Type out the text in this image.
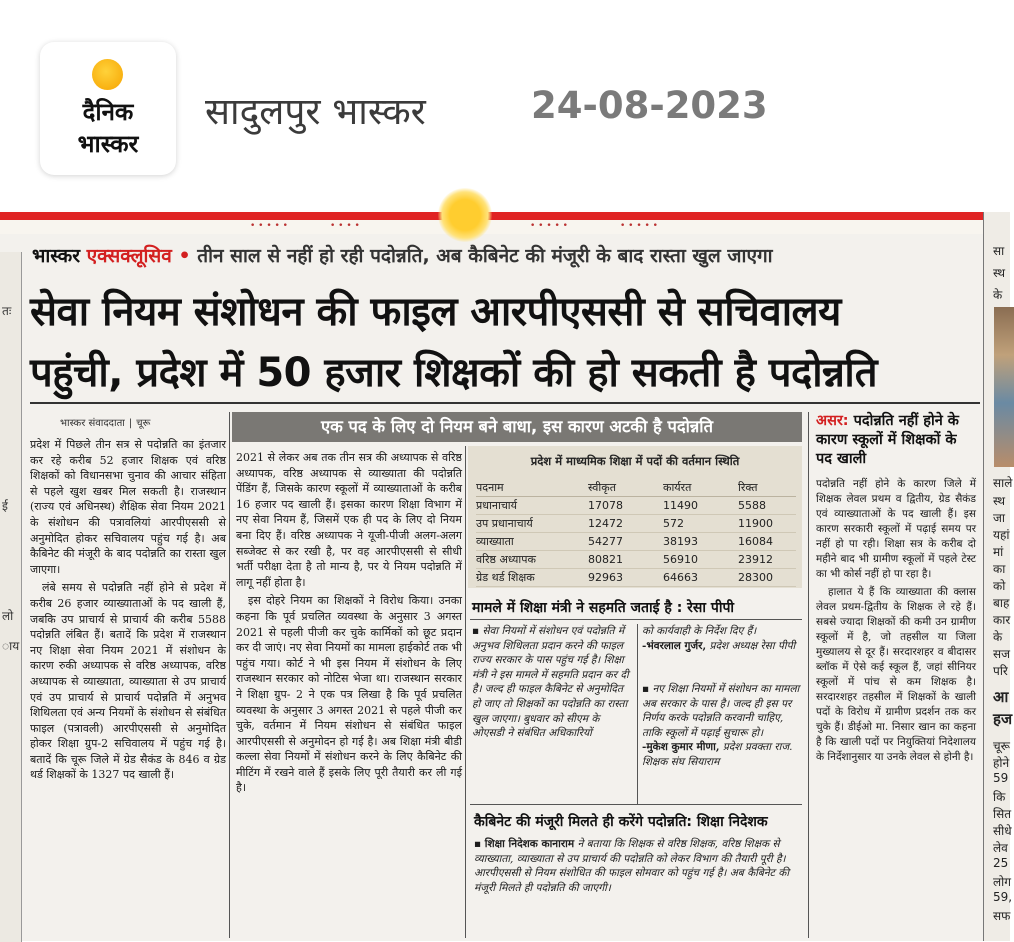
दैनिक
भास्कर
सादुलपुर भास्कर	24-08-2023
• • • • •	• • • •	• • • • •	• • • • •
तः
ई
लो
ाय
सा
स्थ
के
साले
स्थ
जा
यहां
मां
का
को
बाह
कार
के
सज
परि
आ
हज
चूरू
होने
59
कि
सित
सीधे
लेव
25
लोग
59,
सफ
भास्कर एक्सक्लूसिव • तीन साल से नहीं हो रही पदोन्नति, अब कैबिनेट की मंजूरी के बाद रास्ता खुल जाएगा
सेवा नियम संशोधन की फाइल आरपीएससी से सचिवालय
पहुंची, प्रदेश में 50 हजार शिक्षकों की हो सकती है पदोन्नति
भास्कर संवाददाता | चूरू

प्रदेश में पिछले तीन सत्र से पदोन्नति का इंतजार कर रहे करीब 52 हजार शिक्षक एवं वरिष्ठ शिक्षकों को विधानसभा चुनाव की आचार संहिता से पहले खुश खबर मिल सकती है। राजस्थान (राज्य एवं अधिनस्थ) शैक्षिक सेवा नियम 2021 के संशोधन की पत्रावलियां आरपीएससी से अनुमोदित होकर सचिवालय पहुंच गई है। अब कैबिनेट की मंजूरी के बाद पदोन्नति का रास्ता खुल जाएगा।

लंबे समय से पदोन्नति नहीं होने से प्रदेश में करीब 26 हजार व्याख्याताओं के पद खाली हैं, जबकि उप प्राचार्य से प्राचार्य की करीब 5588 पदोन्नति लंबित हैं। बतादें कि प्रदेश में राजस्थान नए शिक्षा सेवा नियम 2021 में संशोधन के कारण रुकी अध्यापक से वरिष्ठ अध्यापक, वरिष्ठ अध्यापक से व्याख्याता, व्याख्याता से उप प्राचार्य एवं उप प्राचार्य से प्राचार्य पदोन्नति में अनुभव शिथिलता एवं अन्य नियमों के संशोधन से संबंधित फाइल (पत्रावली) आरपीएससी से अनुमोदित होकर शिक्षा ग्रुप-2 सचिवालय में पहुंच गई है। बतादें कि चूरू जिले में ग्रेड सैकंड के 846 व ग्रेड थर्ड शिक्षकों के 1327 पद खाली हैं।

एक पद के लिए दो नियम बने बाधा, इस कारण अटकी है पदोन्नति

2021 से लेकर अब तक तीन सत्र की अध्यापक से वरिष्ठ अध्यापक, वरिष्ठ अध्यापक से व्याख्याता की पदोन्नति पेंडिंग हैं, जिसके कारण स्कूलों में व्याख्याताओं के करीब 16 हजार पद खाली हैं। इसका कारण शिक्षा विभाग में नए सेवा नियम हैं, जिसमें एक ही पद के लिए दो नियम बना दिए हैं। वरिष्ठ अध्यापक ने यूजी-पीजी अलग-अलग सब्जेक्ट से कर रखी है, पर वह आरपीएससी से सीधी भर्ती परीक्षा देता है तो मान्य है, पर ये नियम पदोन्नति में लागू नहीं होता है।

इस दोहरे नियम का शिक्षकों ने विरोध किया। उनका कहना कि पूर्व प्रचलित व्यवस्था के अनुसार 3 अगस्त 2021 से पहली पीजी कर चुके कार्मिकों को छूट प्रदान कर दी जाएं। नए सेवा नियमों का मामला हाईकोर्ट तक भी पहुंच गया। कोर्ट ने भी इस नियम में संशोधन के लिए राजस्थान सरकार को नोटिस भेजा था। राजस्थान सरकार ने शिक्षा ग्रुप- 2 ने एक पत्र लिखा है कि पूर्व प्रचलित व्यवस्था के अनुसार 3 अगस्त 2021 से पहले पीजी कर चुके, वर्तमान में नियम संशोधन से संबंधित फाइल आरपीएससी से अनुमोदन हो गई है। अब शिक्षा मंत्री बीडी कल्ला सेवा नियमों में संशोधन करने के लिए कैबिनेट की मीटिंग में रखने वाले हैं इसके लिए पूरी तैयारी कर ली गई है।

प्रदेश में माध्यमिक शिक्षा में पदों की वर्तमान स्थिति
पदनाम	स्वीकृत	कार्यरत	रिक्त
प्रधानाचार्य	17078	11490	5588
उप प्रधानाचार्य	12472	572	11900
व्याख्याता	54277	38193	16084
वरिष्ठ अध्यापक	80821	56910	23912
ग्रेड थर्ड शिक्षक	92963	64663	28300
मामले में शिक्षा मंत्री ने सहमति जताई है : रेसा पीपी
▪ सेवा नियमों में संशोधन एवं पदोन्नति में अनुभव शिथिलता प्रदान करने की फाइल राज्य सरकार के पास पहुंच गई है। शिक्षा मंत्री ने इस मामले में सहमति प्रदान कर दी है। जल्द ही फाइल कैबिनेट से अनुमोदित हो जाए तो शिक्षकों का पदोन्नति का रास्ता खुल जाएगा। बुधवार को सीएम के ओएसडी ने संबंधित अधिकारियों
को कार्यवाही के निर्देश दिए हैं।
-भंवरलाल गुर्जर, प्रदेश अध्यक्ष रेसा पीपी
▪ नए शिक्षा नियमों में संशोधन का मामला अब सरकार के पास है। जल्द ही इस पर निर्णय करके पदोन्नति करवानी चाहिए, ताकि स्कूलों में पढ़ाई सुचारू हो।
-मुकेश कुमार मीणा, प्रदेश प्रवक्ता राज. शिक्षक संघ सियाराम
कैबिनेट की मंजूरी मिलते ही करेंगे पदोन्नति: शिक्षा निदेशक
▪ शिक्षा निदेशक कानाराम ने बताया कि शिक्षक से वरिष्ठ शिक्षक, वरिष्ठ शिक्षक से व्याख्याता, व्याख्याता से उप प्राचार्य की पदोन्नति को लेकर विभाग की तैयारी पूरी है। आरपीएससी से नियम संशोधित की फाइल सोमवार को पहुंच गई है। अब कैबिनेट की मंजूरी मिलते ही पदोन्नति की जाएगी।
असर: पदोन्नति नहीं होने के कारण स्कूलों में शिक्षकों के पद खाली

पदोन्नति नहीं होने के कारण जिले में शिक्षक लेवल प्रथम व द्वितीय, ग्रेड सैकंड एवं व्याख्याताओं के पद खाली हैं। इस कारण सरकारी स्कूलों में पढ़ाई समय पर नहीं हो पा रही। शिक्षा सत्र के करीब दो महीने बाद भी ग्रामीण स्कूलों में पहले टेस्ट का भी कोर्स नहीं हो पा रहा है।

हालात ये हैं कि व्याख्याता की क्लास लेवल प्रथम-द्वितीय के शिक्षक ले रहे हैं। सबसे ज्यादा शिक्षकों की कमी उन ग्रामीण स्कूलों में है, जो तहसील या जिला मुख्यालय से दूर हैं। सरदारशहर व बीदासर ब्लॉक में ऐसे कई स्कूल हैं, जहां सीनियर स्कूलों में पांच से कम शिक्षक है। सरदारशहर तहसील में शिक्षकों के खाली पदों के विरोध में ग्रामीण प्रदर्शन तक कर चुके हैं। डीईओ मा. निसार खान का कहना है कि खाली पदों पर नियुक्तियां निदेशालय के निर्देशानुसार या उनके लेवल से होनी है।
